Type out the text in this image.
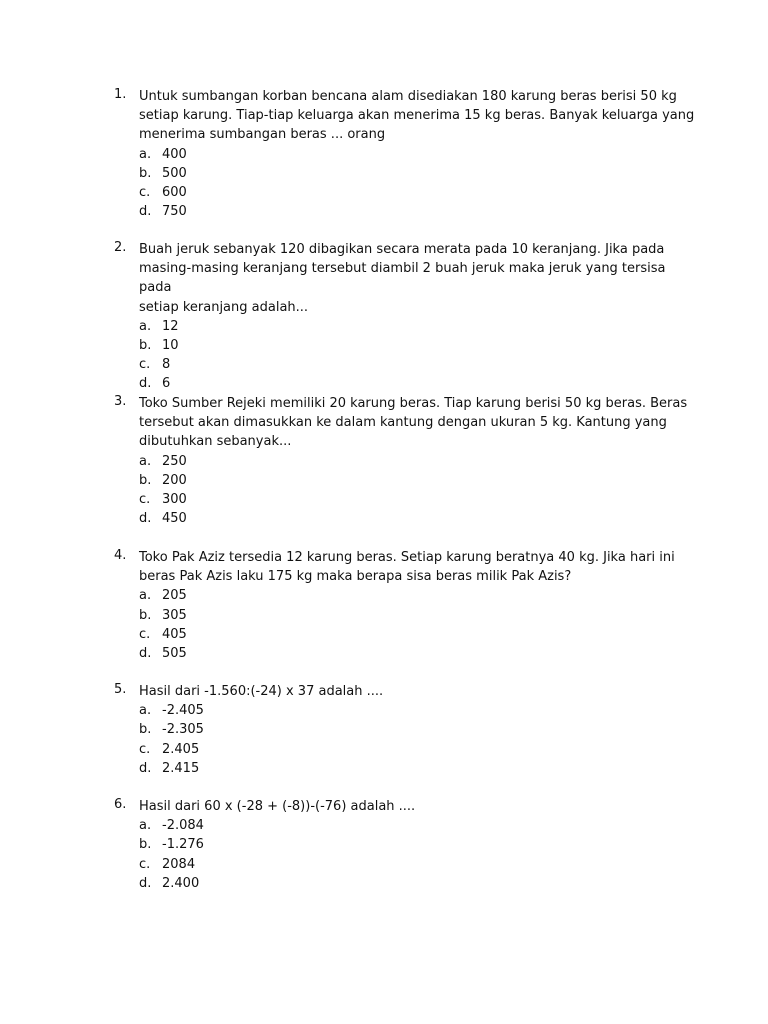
1. Untuk sumbangan korban bencana alam disediakan 180 karung beras berisi 50 kg
setiap karung. Tiap-tiap keluarga akan menerima 15 kg beras. Banyak keluarga yang
menerima sumbangan beras ... orang
a. 400
b. 500
c. 600
d. 750
2. Buah jeruk sebanyak 120 dibagikan secara merata pada 10 keranjang. Jika pada
masing-masing keranjang tersebut diambil 2 buah jeruk maka jeruk yang tersisa pada
setiap keranjang adalah...
a. 12
b. 10
c. 8
d. 6
3. Toko Sumber Rejeki memiliki 20 karung beras. Tiap karung berisi 50 kg beras. Beras
tersebut akan dimasukkan ke dalam kantung dengan ukuran 5 kg. Kantung yang
dibutuhkan sebanyak...
a. 250
b. 200
c. 300
d. 450
4. Toko Pak Aziz tersedia 12 karung beras. Setiap karung beratnya 40 kg. Jika hari ini
beras Pak Azis laku 175 kg maka berapa sisa beras milik Pak Azis?
a. 205
b. 305
c. 405
d. 505
5. Hasil dari -1.560:(-24) x 37 adalah ....
a. -2.405
b. -2.305
c. 2.405
d. 2.415
6. Hasil dari 60 x (-28 + (-8))-(-76) adalah ....
a. -2.084
b. -1.276
c. 2084
d. 2.400
